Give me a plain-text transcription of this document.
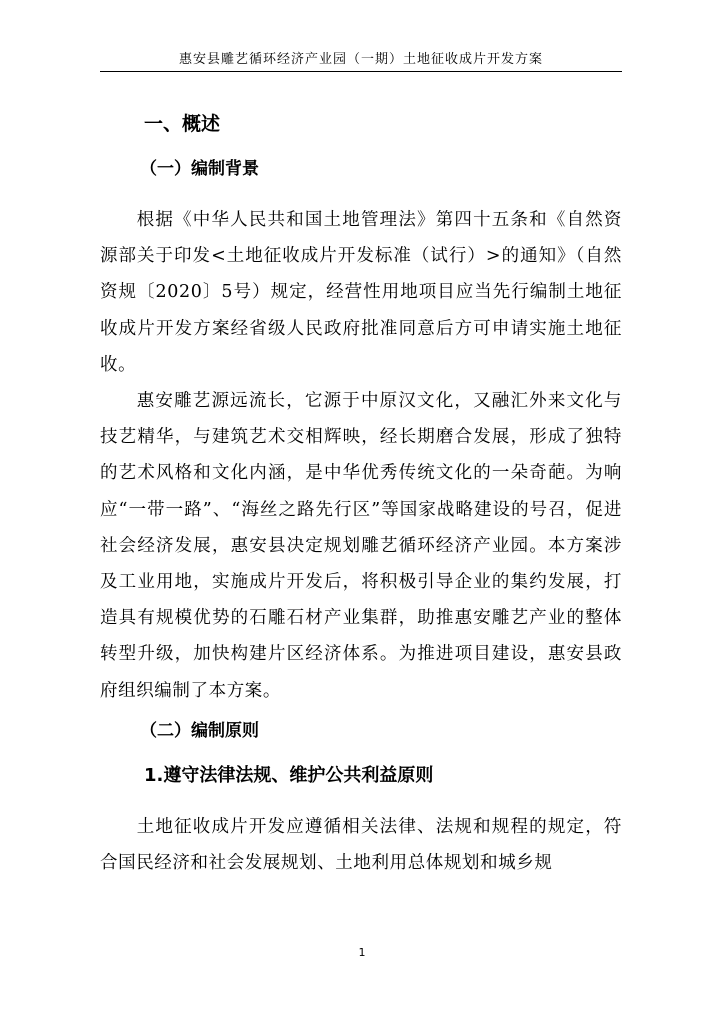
惠安县雕艺循环经济产业园（一期）土地征收成片开发方案
一、概述
（一）编制背景

根据《中华人民共和国土地管理法》第四十五条和《自然资源部关于印发<土地征收成片开发标准（试行）>的通知》（自然资规〔2020〕5号）规定，经营性用地项目应当先行编制土地征收成片开发方案经省级人民政府批准同意后方可申请实施土地征收。

惠安雕艺源远流长，它源于中原汉文化，又融汇外来文化与技艺精华，与建筑艺术交相辉映，经长期磨合发展，形成了独特的艺术风格和文化内涵，是中华优秀传统文化的一朵奇葩。为响应“一带一路”、“海丝之路先行区”等国家战略建设的号召，促进社会经济发展，惠安县决定规划雕艺循环经济产业园。本方案涉及工业用地，实施成片开发后，将积极引导企业的集约发展，打造具有规模优势的石雕石材产业集群，助推惠安雕艺产业的整体转型升级，加快构建片区经济体系。为推进项目建设，惠安县政府组织编制了本方案。

（二）编制原则
1.遵守法律法规、维护公共利益原则

土地征收成片开发应遵循相关法律、法规和规程的规定，符合国民经济和社会发展规划、土地利用总体规划和城乡规

1
